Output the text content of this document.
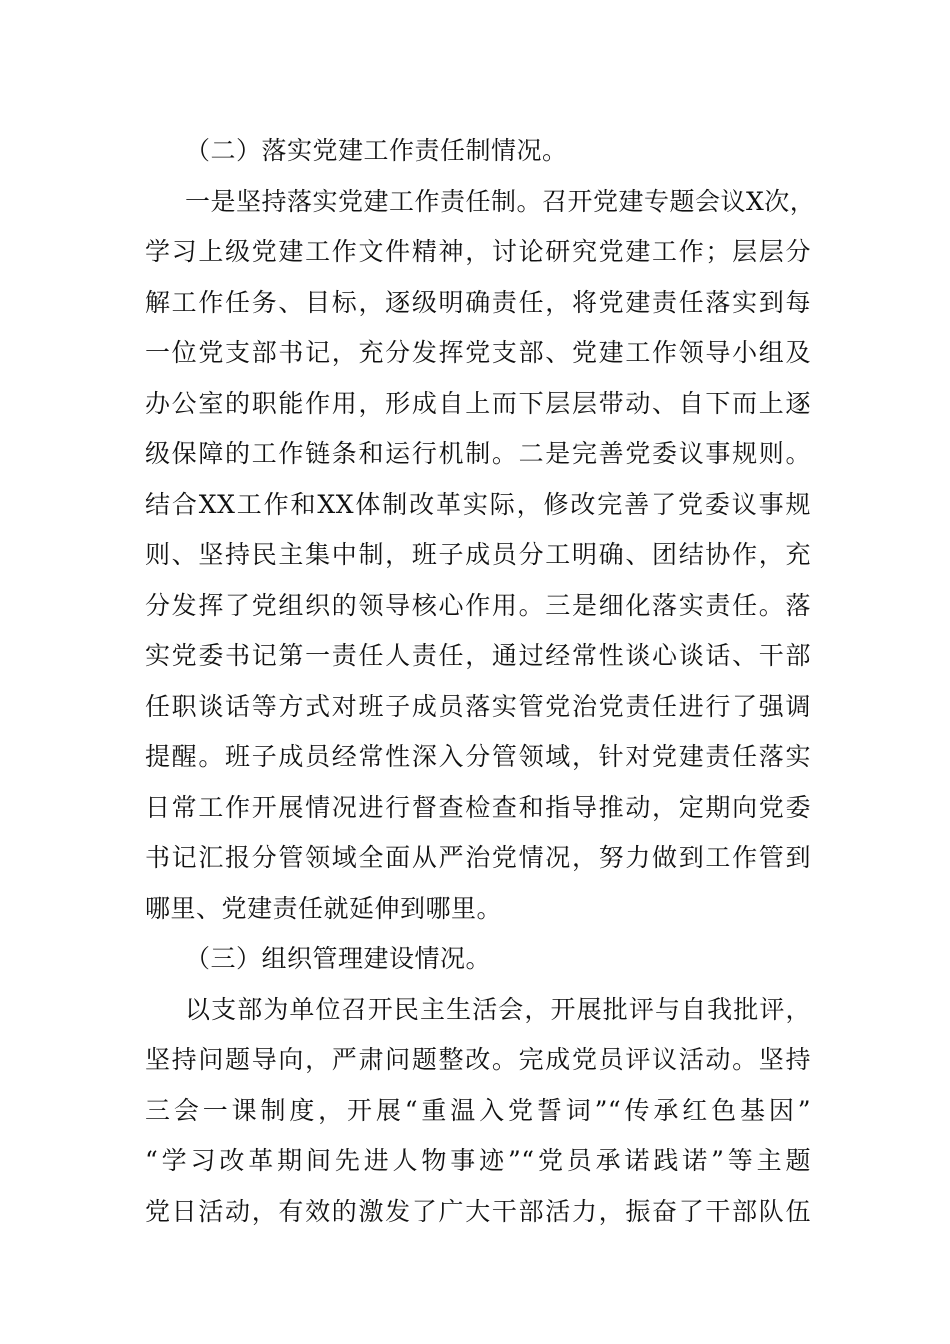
（二）落实党建工作责任制情况。
一是坚持落实党建工作责任制。召开党建专题会议X次，
学习上级党建工作文件精神，讨论研究党建工作；层层分
解工作任务、目标，逐级明确责任，将党建责任落实到每
一位党支部书记，充分发挥党支部、党建工作领导小组及
办公室的职能作用，形成自上而下层层带动、自下而上逐
级保障的工作链条和运行机制。二是完善党委议事规则。
结合XX工作和XX体制改革实际，修改完善了党委议事规
则、坚持民主集中制，班子成员分工明确、团结协作，充
分发挥了党组织的领导核心作用。三是细化落实责任。落
实党委书记第一责任人责任，通过经常性谈心谈话、干部
任职谈话等方式对班子成员落实管党治党责任进行了强调
提醒。班子成员经常性深入分管领域，针对党建责任落实
日常工作开展情况进行督查检查和指导推动，定期向党委
书记汇报分管领域全面从严治党情况，努力做到工作管到
哪里、党建责任就延伸到哪里。
（三）组织管理建设情况。
以支部为单位召开民主生活会，开展批评与自我批评，
坚持问题导向，严肃问题整改。完成党员评议活动。坚持
三会一课制度，开展“重温入党誓词”“传承红色基因”
“学习改革期间先进人物事迹”“党员承诺践诺”等主题
党日活动，有效的激发了广大干部活力，振奋了干部队伍
